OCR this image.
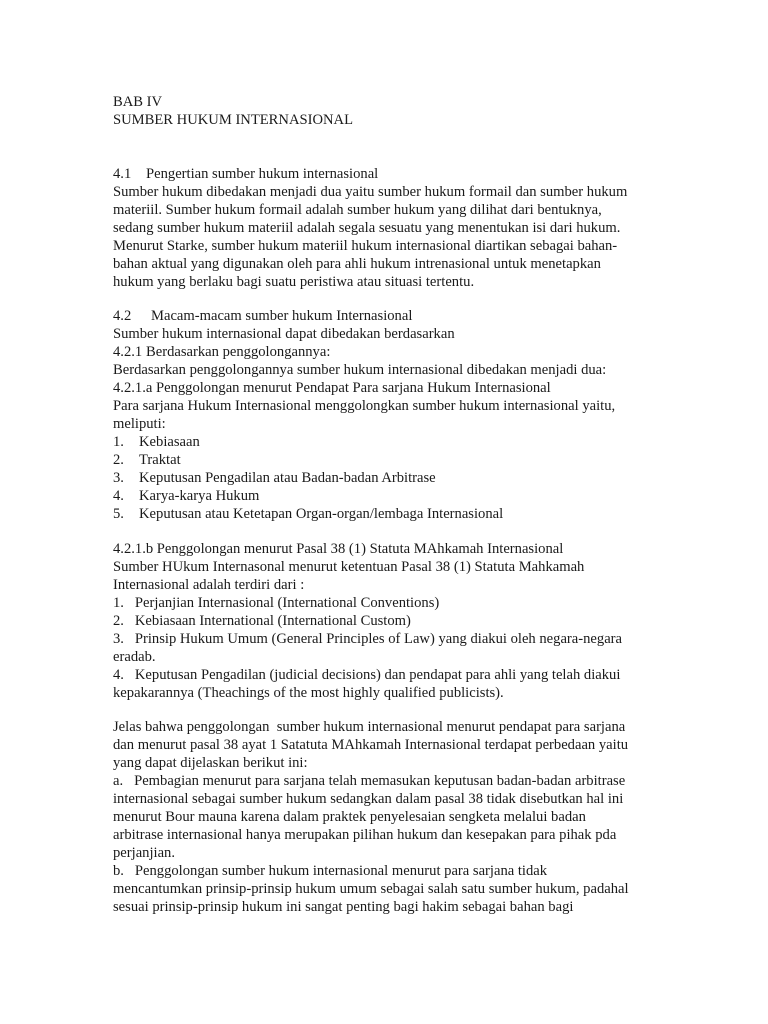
BAB IV
SUMBER HUKUM INTERNASIONAL
4.1 Pengertian sumber hukum internasional
Sumber hukum dibedakan menjadi dua yaitu sumber hukum formail dan sumber hukum
materiil. Sumber hukum formail adalah sumber hukum yang dilihat dari bentuknya,
sedang sumber hukum materiil adalah segala sesuatu yang menentukan isi dari hukum.
Menurut Starke, sumber hukum materiil hukum internasional diartikan sebagai bahan-
bahan aktual yang digunakan oleh para ahli hukum intrenasional untuk menetapkan
hukum yang berlaku bagi suatu peristiwa atau situasi tertentu.
4.2 Macam-macam sumber hukum Internasional
Sumber hukum internasional dapat dibedakan berdasarkan
4.2.1 Berdasarkan penggolongannya:
Berdasarkan penggolongannya sumber hukum internasional dibedakan menjadi dua:
4.2.1.a Penggolongan menurut Pendapat Para sarjana Hukum Internasional
Para sarjana Hukum Internasional menggolongkan sumber hukum internasional yaitu,
meliputi:
1. Kebiasaan
2. Traktat
3. Keputusan Pengadilan atau Badan-badan Arbitrase
4. Karya-karya Hukum
5. Keputusan atau Ketetapan Organ-organ/lembaga Internasional
4.2.1.b Penggolongan menurut Pasal 38 (1) Statuta MAhkamah Internasional
Sumber HUkum Internasonal menurut ketentuan Pasal 38 (1) Statuta Mahkamah
Internasional adalah terdiri dari :
1.   Perjanjian Internasional (International Conventions)
2.   Kebiasaan International (International Custom)
3.   Prinsip Hukum Umum (General Principles of Law) yang diakui oleh negara-negara
eradab.
4.   Keputusan Pengadilan (judicial decisions) dan pendapat para ahli yang telah diakui
kepakarannya (Theachings of the most highly qualified publicists).
Jelas bahwa penggolongan  sumber hukum internasional menurut pendapat para sarjana
dan menurut pasal 38 ayat 1 Satatuta MAhkamah Internasional terdapat perbedaan yaitu
yang dapat dijelaskan berikut ini:
a.   Pembagian menurut para sarjana telah memasukan keputusan badan-badan arbitrase
internasional sebagai sumber hukum sedangkan dalam pasal 38 tidak disebutkan hal ini
menurut Bour mauna karena dalam praktek penyelesaian sengketa melalui badan
arbitrase internasional hanya merupakan pilihan hukum dan kesepakan para pihak pda
perjanjian.
b.   Penggolongan sumber hukum internasional menurut para sarjana tidak
mencantumkan prinsip-prinsip hukum umum sebagai salah satu sumber hukum, padahal
sesuai prinsip-prinsip hukum ini sangat penting bagi hakim sebagai bahan bagi
